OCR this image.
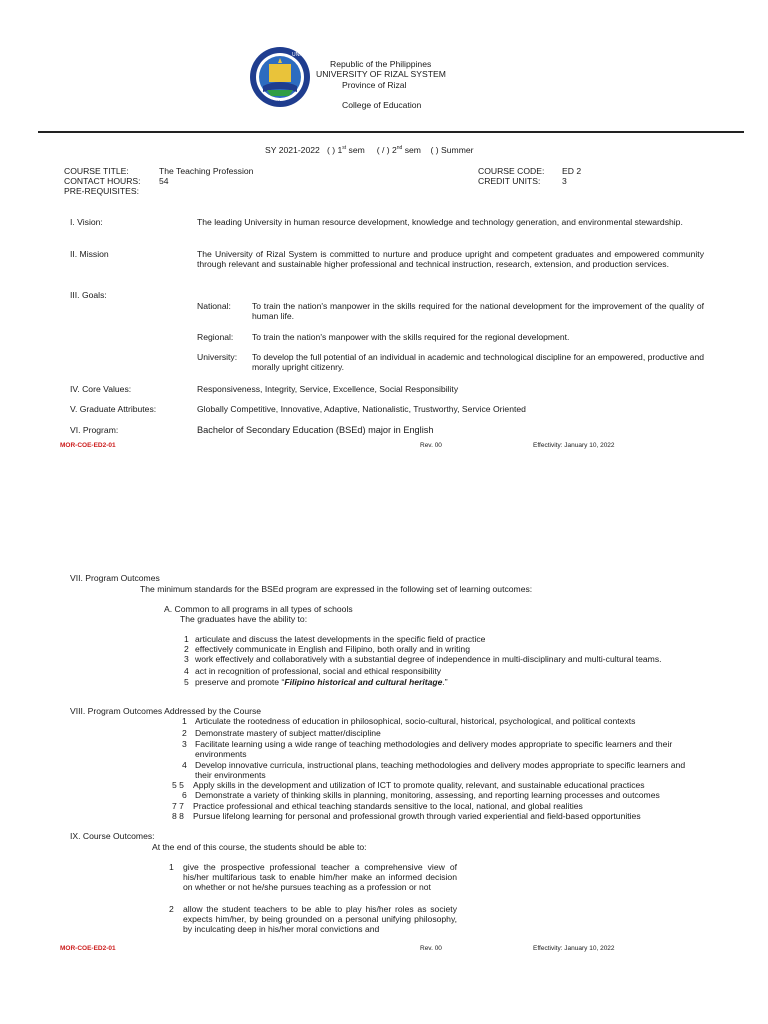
UNIVERSITY OF RIZAL SYSTEM
1991
Republic of the Philippines
UNIVERSITY OF RIZAL SYSTEM
Province of Rizal
College of Education
SY 2021-2022 ( ) 1st sem ( / ) 2nd sem ( ) Summer
COURSE TITLE:	The Teaching Profession
CONTACT HOURS: 54
PRE-REQUISITES:
COURSE CODE: ED 2
CREDIT UNITS:	3
I. Vision:	The leading University in human resource development, knowledge and technology generation, and environmental stewardship.
II. Mission	The University of Rizal System is committed to nurture and produce upright and competent graduates and empowered community through relevant and sustainable higher professional and technical instruction, research, extension, and production services.
III. Goals:
National: To train the nation's manpower in the skills required for the national development for the improvement of the quality of human life.
Regional: To train the nation's manpower with the skills required for the regional development.
University: To develop the full potential of an individual in academic and technological discipline for an empowered, productive and morally upright citizenry.
IV. Core Values:	Responsiveness, Integrity, Service, Excellence, Social Responsibility
V. Graduate Attributes:	Globally Competitive, Innovative, Adaptive, Nationalistic, Trustworthy, Service Oriented
VI. Program:	Bachelor of Secondary Education (BSEd) major in English
MOR-COE-ED2-01	Rev. 00	Effectivity: January 10, 2022
VII. Program Outcomes
The minimum standards for the BSEd program are expressed in the following set of learning outcomes:
A. Common to all programs in all types of schools
The graduates have the ability to:
1 articulate and discuss the latest developments in the specific field of practice
2 effectively communicate in English and Filipino, both orally and in writing
3 work effectively and collaboratively with a substantial degree of independence in multi-disciplinary and multi-cultural teams.
4 act in recognition of professional, social and ethical responsibility
5 preserve and promote “Filipino historical and cultural heritage.”
VIII. Program Outcomes Addressed by the Course
1 Articulate the rootedness of education in philosophical, socio-cultural, historical, psychological, and political contexts
2 Demonstrate mastery of subject matter/discipline
3 Facilitate learning using a wide range of teaching methodologies and delivery modes appropriate to specific learners and their environments
4 Develop innovative curricula, instructional plans, teaching methodologies and delivery modes appropriate to specific learners and their environments
5 5 Apply skills in the development and utilization of ICT to promote quality, relevant, and sustainable educational practices
6 Demonstrate a variety of thinking skills in planning, monitoring, assessing, and reporting learning processes and outcomes
7 7 Practice professional and ethical teaching standards sensitive to the local, national, and global realities
8 8 Pursue lifelong learning for personal and professional growth through varied experiential and field-based opportunities
IX. Course Outcomes:
At the end of this course, the students should be able to:
1 give the prospective professional teacher a comprehensive view of his/her multifarious task to enable him/her make an informed decision on whether or not he/she pursues teaching as a profession or not
2 allow the student teachers to be able to play his/her roles as society expects him/her, by being grounded on a personal unifying philosophy, by inculcating deep in his/her moral convictions and
MOR-COE-ED2-01	Rev. 00	Effectivity: January 10, 2022
